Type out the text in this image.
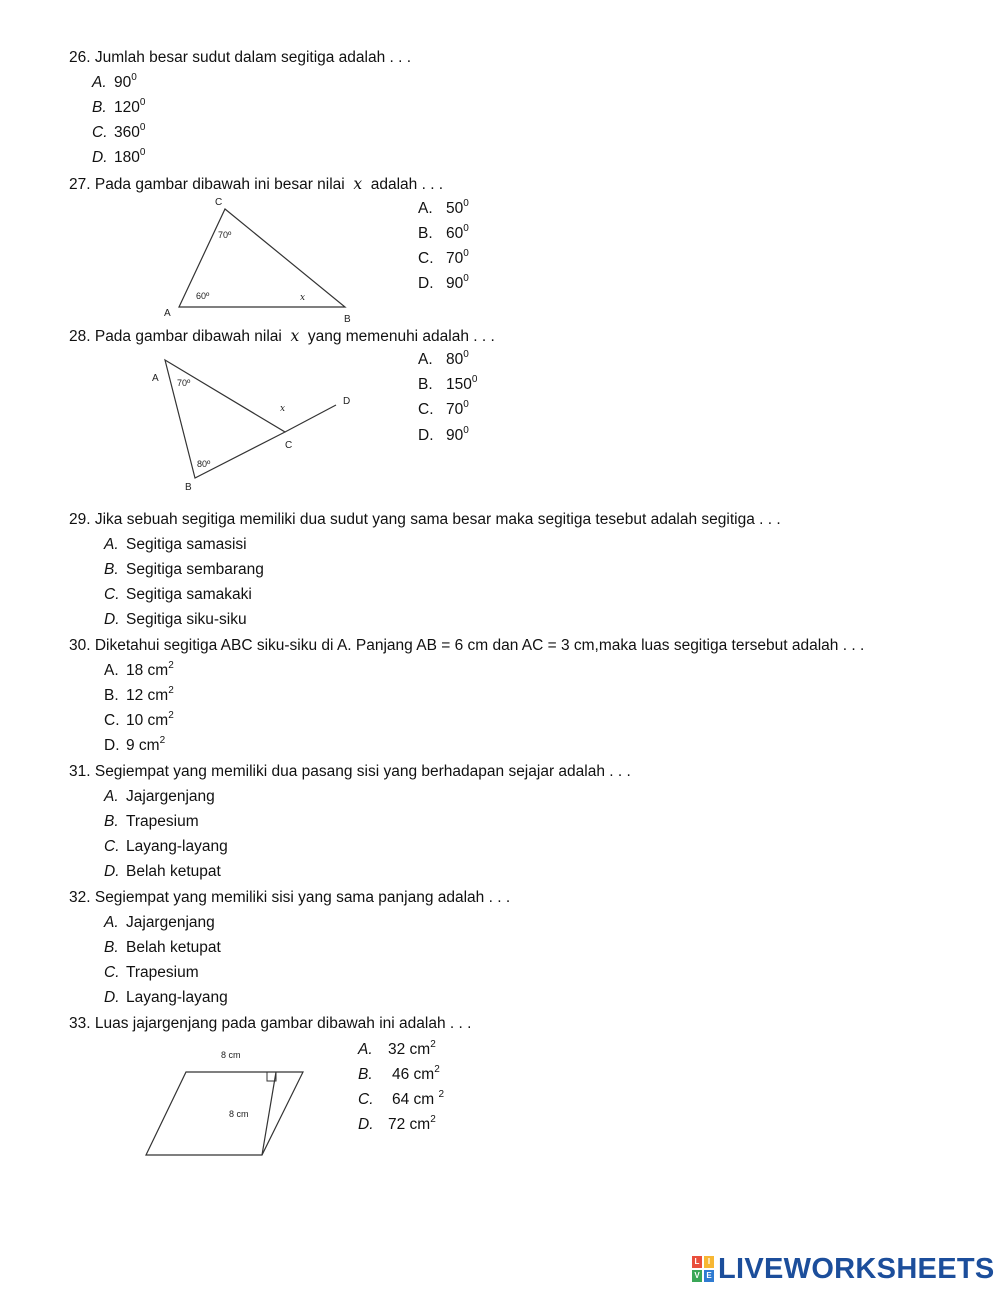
26. Jumlah besar sudut dalam segitiga adalah . . .
A. $90^0$
B. $120^0$
C. $360^0$
D. $180^0$
27. Pada gambar dibawah ini besar nilai x adalah . . .
C
A
B
70º
60º	x
A. $50^0$
B. $60^0$
C. $70^0$
D. $90^0$
28. Pada gambar dibawah nilai x yang memenuhi adalah . . .
A
B
C
D
70º
80º
x
A. $80^0$
B. $150^0$
C. $70^0$
D. $90^0$
29. Jika sebuah segitiga memiliki dua sudut yang sama besar maka segitiga tesebut adalah segitiga . . .
A. Segitiga samasisi
B. Segitiga sembarang
C. Segitiga samakaki
D. Segitiga siku-siku
30. Diketahui segitiga ABC siku-siku di A. Panjang AB = 6 cm dan AC = 3 cm,maka luas segitiga tersebut adalah . . .
A. 18 $cm^2$
B. 12 $cm^2$
C. 10 $cm^2$
D. 9 $cm^2$
31. Segiempat yang memiliki dua pasang sisi yang berhadapan sejajar adalah . . .
A. Jajargenjang
B. Trapesium
C. Layang-layang
D. Belah ketupat
32. Segiempat yang memiliki sisi yang sama panjang adalah . . .
A. Jajargenjang
B. Belah ketupat
C. Trapesium
D. Layang-layang
33. Luas jajargenjang pada gambar dibawah ini adalah . . .
8 cm
8 cm
A. 32 $cm^2$
B. 46 $cm^2$
C. 64 cm $^2$
D. 72 $cm^2$
L	I
V E LIVEWORKSHEETS
